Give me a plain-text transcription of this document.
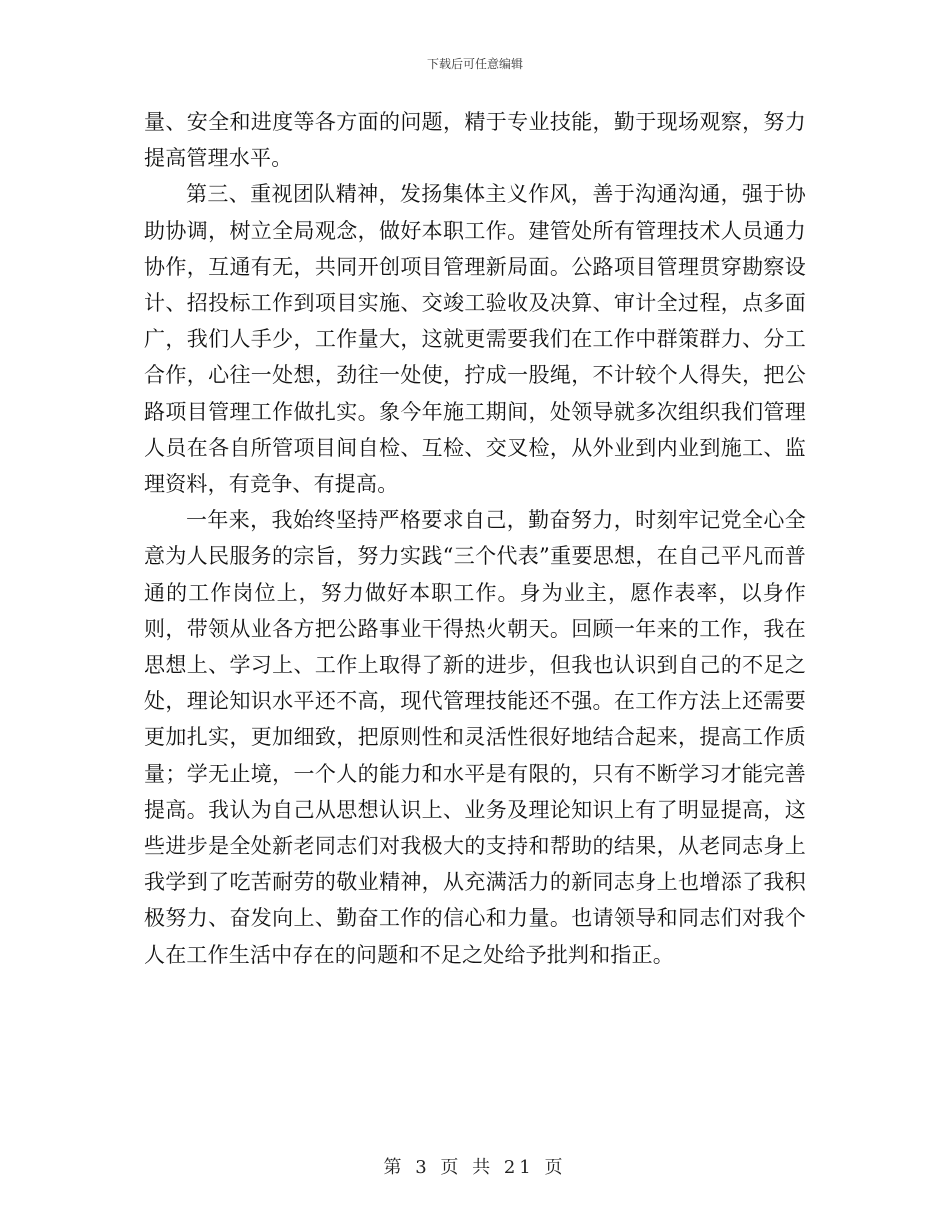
下载后可任意编辑

量、安全和进度等各方面的问题，精于专业技能，勤于现场观察，努力提高管理水平。

第三、重视团队精神，发扬集体主义作风，善于沟通沟通，强于协助协调，树立全局观念，做好本职工作。建管处所有管理技术人员通力协作，互通有无，共同开创项目管理新局面。公路项目管理贯穿勘察设计、招投标工作到项目实施、交竣工验收及决算、审计全过程，点多面广，我们人手少，工作量大，这就更需要我们在工作中群策群力、分工合作，心往一处想，劲往一处使，拧成一股绳，不计较个人得失，把公路项目管理工作做扎实。象今年施工期间，处领导就多次组织我们管理人员在各自所管项目间自检、互检、交叉检，从外业到内业到施工、监理资料，有竞争、有提高。

一年来，我始终坚持严格要求自己，勤奋努力，时刻牢记党全心全意为人民服务的宗旨，努力实践“三个代表”重要思想，在自己平凡而普通的工作岗位上，努力做好本职工作。身为业主，愿作表率，以身作则，带领从业各方把公路事业干得热火朝天。回顾一年来的工作，我在思想上、学习上、工作上取得了新的进步，但我也认识到自己的不足之处，理论知识水平还不高，现代管理技能还不强。在工作方法上还需要更加扎实，更加细致，把原则性和灵活性很好地结合起来，提高工作质量；学无止境，一个人的能力和水平是有限的，只有不断学习才能完善提高。我认为自己从思想认识上、业务及理论知识上有了明显提高，这些进步是全处新老同志们对我极大的支持和帮助的结果，从老同志身上我学到了吃苦耐劳的敬业精神，从充满活力的新同志身上也增添了我积极努力、奋发向上、勤奋工作的信心和力量。也请领导和同志们对我个人在工作生活中存在的问题和不足之处给予批判和指正。

第 3 页 共 21 页
